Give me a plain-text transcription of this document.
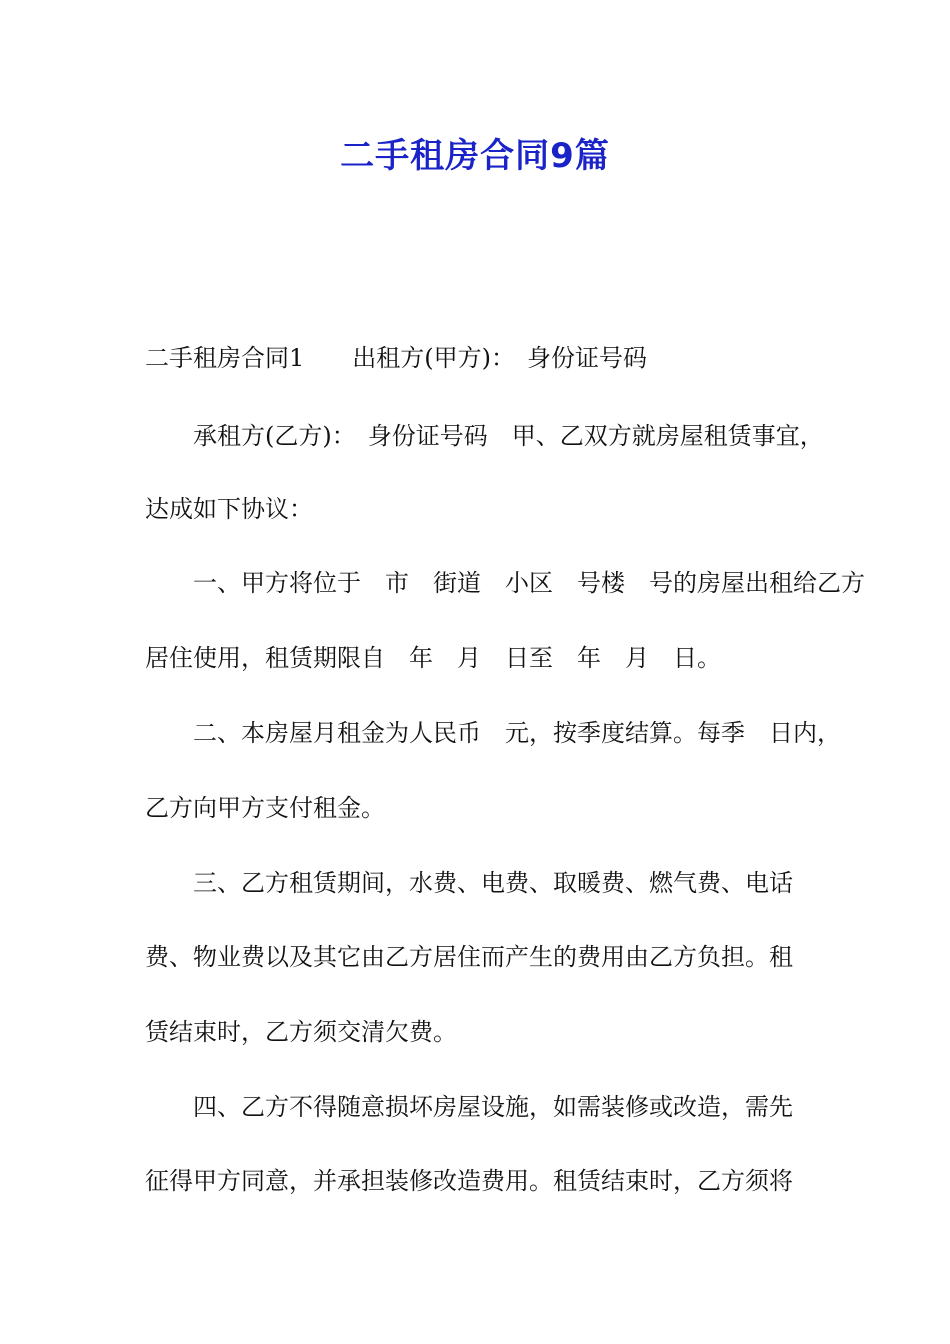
二手租房合同9篇
二手租房合同1　　出租方(甲方)：　身份证号码
　　承租方(乙方)：　身份证号码　甲、乙双方就房屋租赁事宜，
达成如下协议：
　　一、甲方将位于　市　街道　小区　号楼　号的房屋出租给乙方
居住使用，租赁期限自　年　月　日至　年　月　日。
　　二、本房屋月租金为人民币　元，按季度结算。每季　日内，
乙方向甲方支付租金。
　　三、乙方租赁期间，水费、电费、取暖费、燃气费、电话
费、物业费以及其它由乙方居住而产生的费用由乙方负担。租
赁结束时，乙方须交清欠费。
　　四、乙方不得随意损坏房屋设施，如需装修或改造，需先
征得甲方同意，并承担装修改造费用。租赁结束时，乙方须将
